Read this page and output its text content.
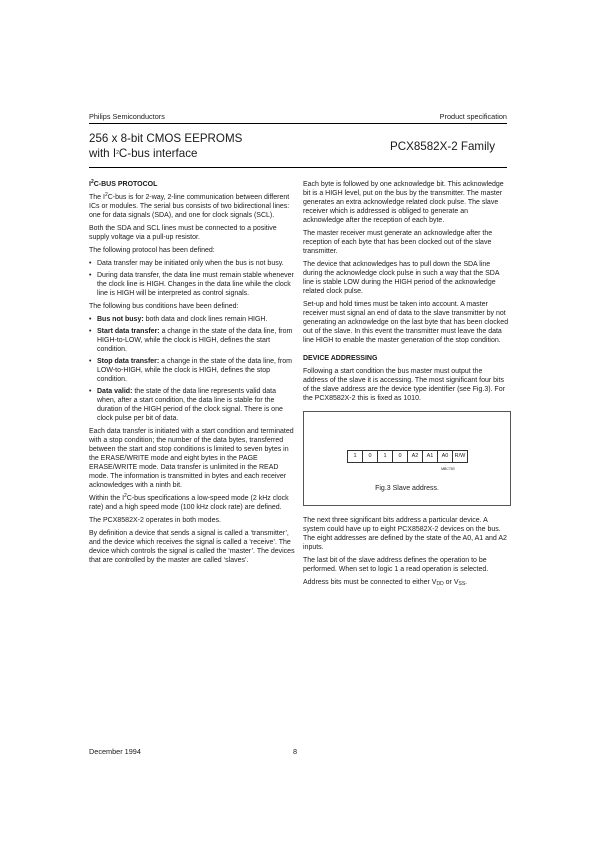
Philips Semiconductors	Product specification
256 x 8-bit CMOS EEPROMS
with $I^2C$-bus interface
PCX8582X-2 Family
$I^2C$-BUS PROTOCOL

The $I^2C$-bus is for 2-way, 2-line communication between different ICs or modules. The serial bus consists of two bidirectional lines: one for data signals (SDA), and one for clock signals (SCL).

Both the SDA and SCL lines must be connected to a positive supply voltage via a pull-up resistor.

The following protocol has been defined:

• Data transfer may be initiated only when the bus is not busy.
• During data transfer, the data line must remain stable whenever the clock line is HIGH. Changes in the data line while the clock line is HIGH will be interpreted as control signals.

The following bus conditions have been defined:

• Bus not busy: both data and clock lines remain HIGH.
• Start data transfer: a change in the state of the data line, from HIGH-to-LOW, while the clock is HIGH, defines the start condition.
• Stop data transfer: a change in the state of the data line, from LOW-to-HIGH, while the clock is HIGH, defines the stop condition.
• Data valid: the state of the data line represents valid data when, after a start condition, the data line is stable for the duration of the HIGH period of the clock signal. There is one clock pulse per bit of data.

Each data transfer is initiated with a start condition and terminated with a stop condition; the number of the data bytes, transferred between the start and stop conditions is limited to seven bytes in the ERASE/WRITE mode and eight bytes in the PAGE ERASE/WRITE mode. Data transfer is unlimited in the READ mode. The information is transmitted in bytes and each receiver acknowledges with a ninth bit.

Within the $I^2C$-bus specifications a low-speed mode (2 kHz clock rate) and a high speed mode (100 kHz clock rate) are defined.

The PCX8582X-2 operates in both modes.

By definition a device that sends a signal is called a ‘transmitter’, and the device which receives the signal is called a ‘receive’. The device which controls the signal is called the ‘master’. The devices that are controlled by the master are called ‘slaves’.

Each byte is followed by one acknowledge bit. This acknowledge bit is a HIGH level, put on the bus by the transmitter. The master generates an extra acknowledge related clock pulse. The slave receiver which is addressed is obliged to generate an acknowledge after the reception of each byte.

The master receiver must generate an acknowledge after the reception of each byte that has been clocked out of the slave transmitter.

The device that acknowledges has to pull down the SDA line during the acknowledge clock pulse in such a way that the SDA line is stable LOW during the HIGH period of the acknowledge related clock pulse.

Set-up and hold times must be taken into account. A master receiver must signal an end of data to the slave transmitter by not generating an acknowledge on the last byte that has been clocked out of the slave. In this event the transmitter must leave the data line HIGH to enable the master generation of the stop condition.

DEVICE ADDRESSING

Following a start condition the bus master must output the address of the slave it is accessing. The most significant four bits of the slave address are the device type identifier (see Fig.3). For the PCX8582X-2 this is fixed as 1010.

1	0	1	0	A2	A1	A0	R/W
MBC793
Fig.3 Slave address.

The next three significant bits address a particular device. A system could have up to eight PCX8582X-2 devices on the bus. The eight addresses are defined by the state of the A0, A1 and A2 inputs.

The last bit of the slave address defines the operation to be performed. When set to logic 1 a read operation is selected.

Address bits must be connected to either $V_{DD}$ or $V_{SS}$.

December 1994	8
